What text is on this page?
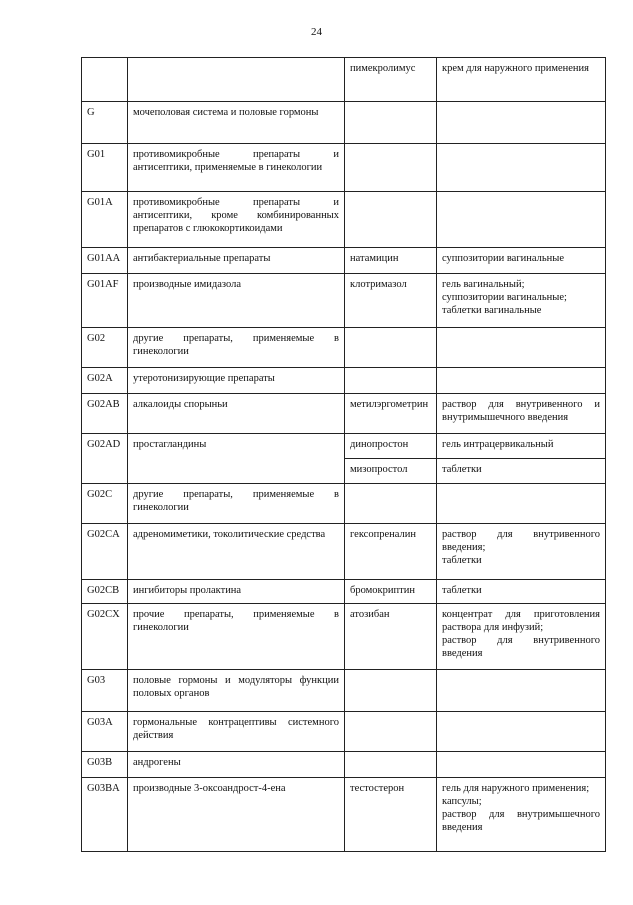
24
		пимекролимус	крем для наружного применения

G	мочеполовая система и половые гормоны		
G01	противомикробные препараты и антисептики, применяемые в гинекологии		
G01A	противомикробные препараты и антисептики, кроме комбинированных препаратов с глюкокортикоидами		
G01AA	антибактериальные препараты	натамицин	суппозитории вагинальные

G01AF	производные имидазола	клотримазол	гель вагинальный;
суппозитории вагинальные;
таблетки вагинальные

G02	другие препараты, применяемые в гинекологии		
G02A	утеротонизирующие препараты		
G02AB	алкалоиды спорыньи	метилэргометрин	раствор для внутривенного и внутримышечного введения

G02AD	простагландины	динопростон	гель интрацервикальный

		мизопростол	таблетки

G02C	другие препараты, применяемые в гинекологии		
G02CA	адреномиметики, токолитические средства	гексопреналин	раствор для внутривенного введения;
таблетки

G02CB	ингибиторы пролактина	бромокриптин	таблетки

G02CX	прочие препараты, применяемые в гинекологии	атозибан	концентрат для приготовления раствора для инфузий;
раствор для внутривенного введения

G03	половые гормоны и модуляторы функции половых органов		
G03A	гормональные контрацептивы системного действия		
G03B	андрогены		
G03BA	производные 3-оксоандрост-4-ена	тестостерон	гель для наружного применения;
капсулы;
раствор для внутримышечного введения
